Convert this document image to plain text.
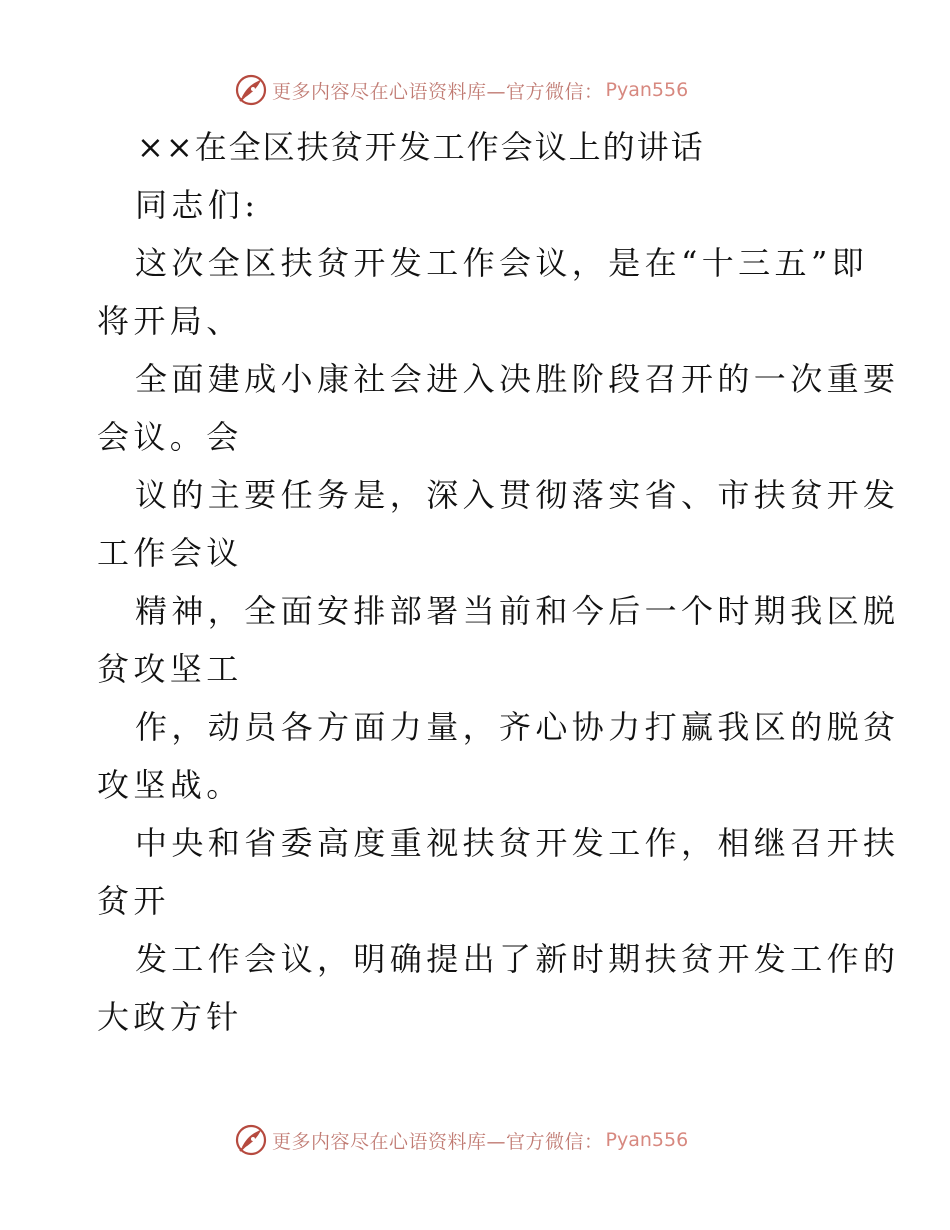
更多内容尽在心语资料库—官方微信： Pyan556
××在全区扶贫开发工作会议上的讲话
同志们:
这次全区扶贫开发工作会议，是在“十三五”即
将开局、
全面建成小康社会进入决胜阶段召开的一次重要
会议。会
议的主要任务是，深入贯彻落实省、市扶贫开发
工作会议
精神，全面安排部署当前和今后一个时期我区脱
贫攻坚工
作，动员各方面力量，齐心协力打赢我区的脱贫
攻坚战。
中央和省委高度重视扶贫开发工作，相继召开扶
贫开
发工作会议，明确提出了新时期扶贫开发工作的
大政方针
更多内容尽在心语资料库—官方微信： Pyan556
